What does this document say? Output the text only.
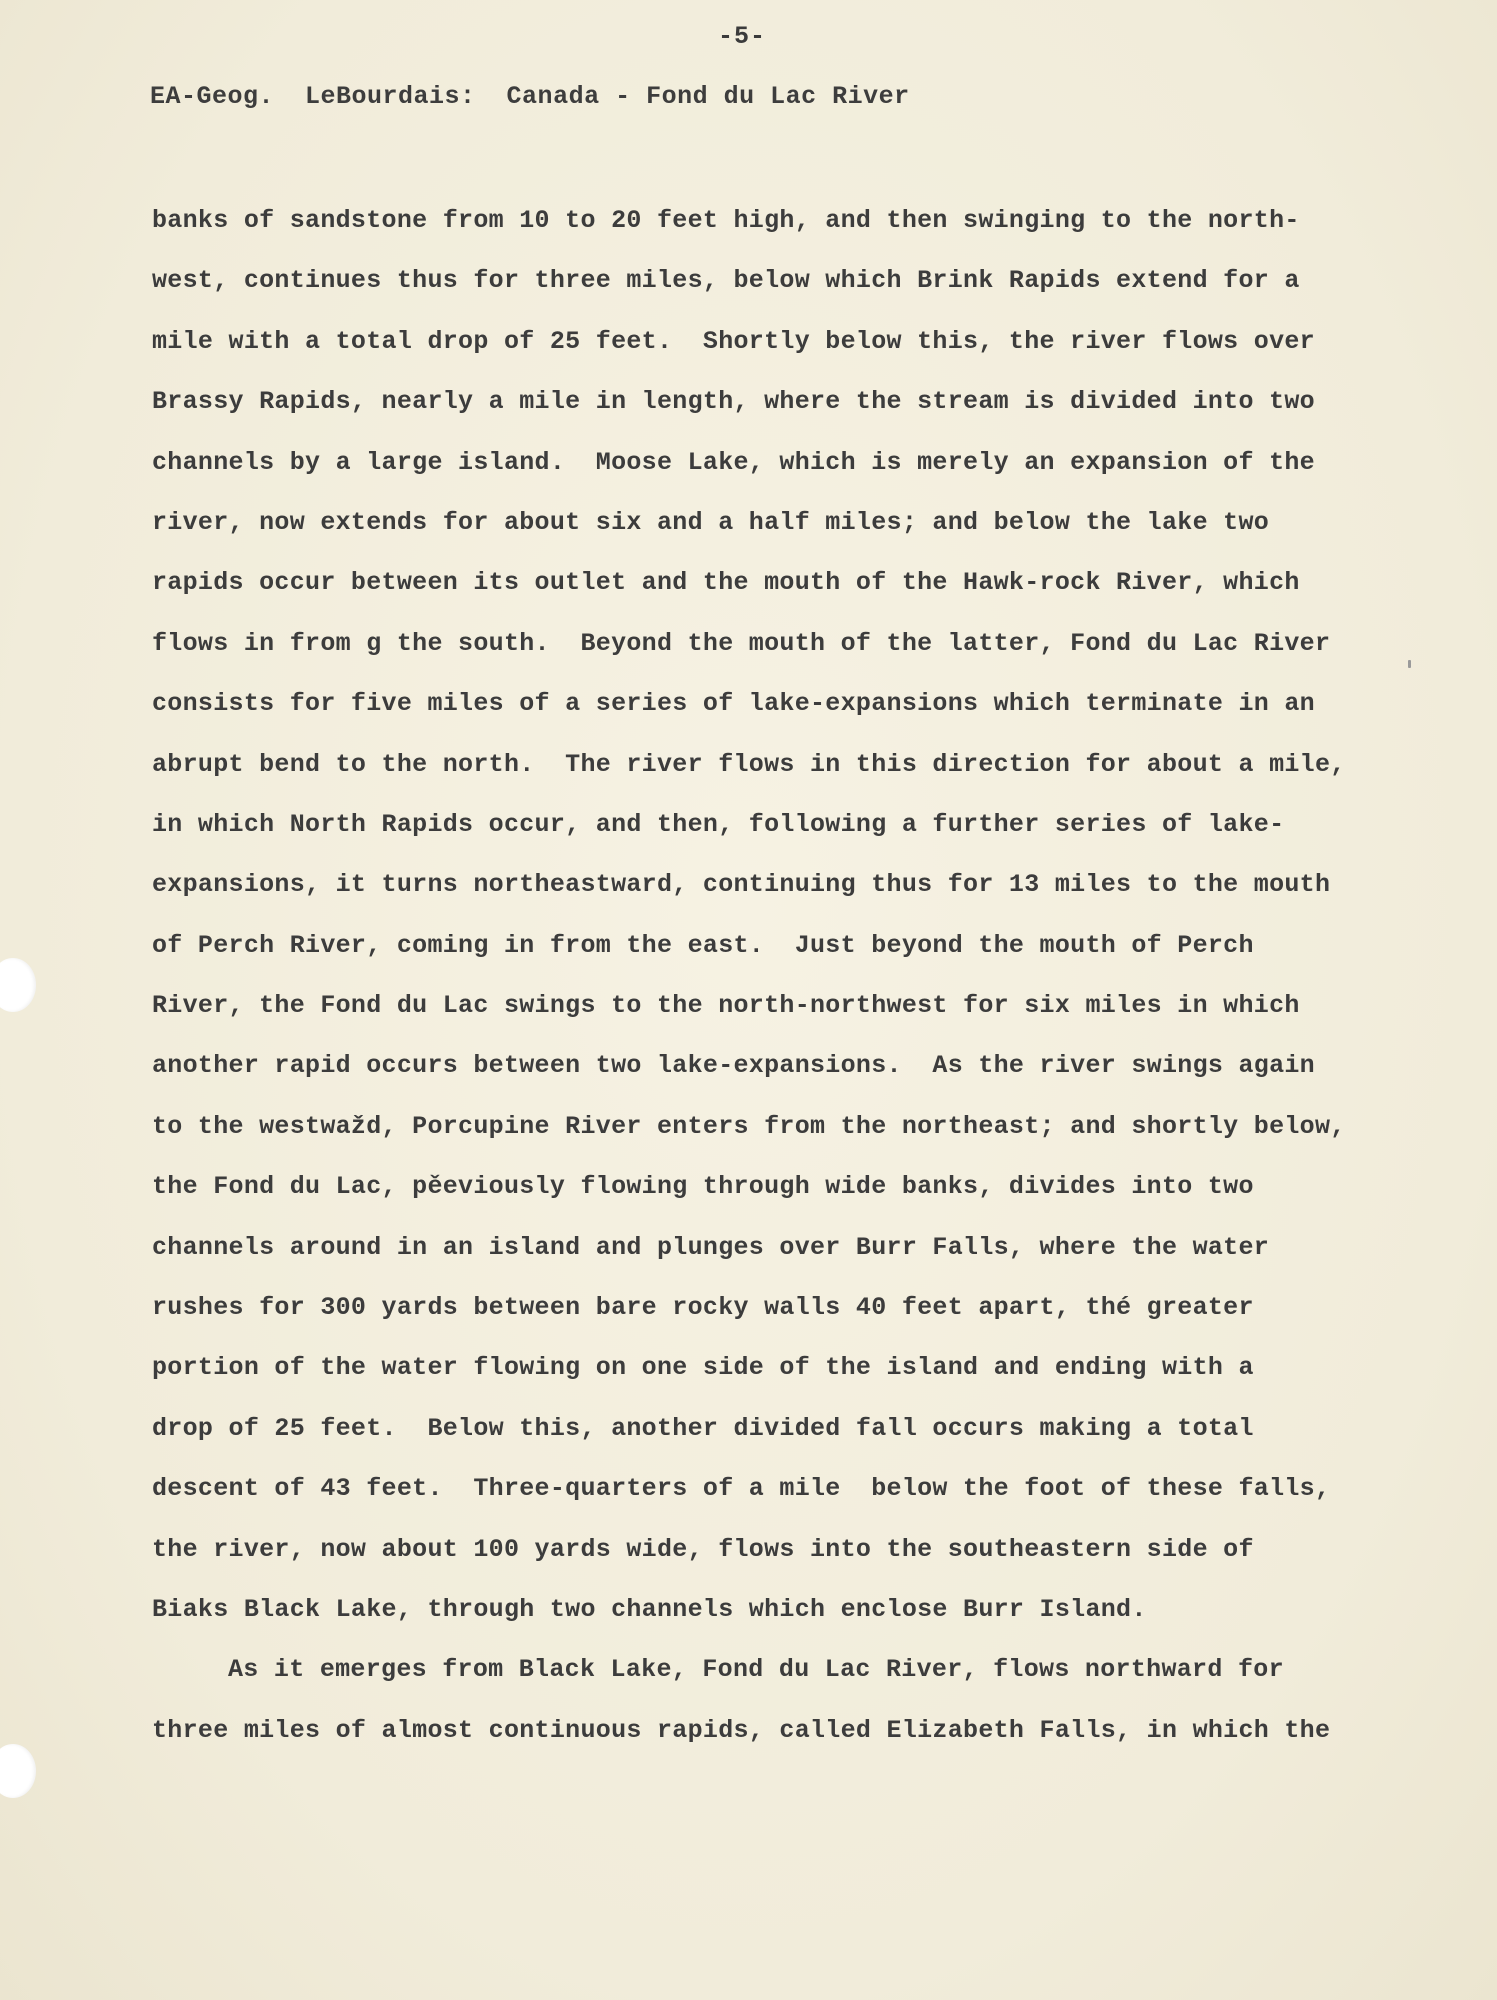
-5-
EA-Geog.  LeBourdais:  Canada - Fond du Lac River
banks of sandstone from 10 to 20 feet high, and then swinging to the north-
west, continues thus for three miles, below which Brink Rapids extend for a
mile with a total drop of 25 feet.  Shortly below this, the river flows over
Brassy Rapids, nearly a mile in length, where the stream is divided into two
channels by a large island.  Moose Lake, which is merely an expansion of the
river, now extends for about six and a half miles; and below the lake two
rapids occur between its outlet and the mouth of the Hawk-rock River, which
flows in from g the south.  Beyond the mouth of the latter, Fond du Lac River
consists for five miles of a series of lake-expansions which terminate in an
abrupt bend to the north.  The river flows in this direction for about a mile,
in which North Rapids occur, and then, following a further series of lake-
expansions, it turns northeastward, continuing thus for 13 miles to the mouth
of Perch River, coming in from the east.  Just beyond the mouth of Perch
River, the Fond du Lac swings to the north-northwest for six miles in which
another rapid occurs between two lake-expansions.  As the river swings again
to the westwažd, Porcupine River enters from the northeast; and shortly below,
the Fond du Lac, pěeviously flowing through wide banks, divides into two
channels around in an island and plunges over Burr Falls, where the water
rushes for 300 yards between bare rocky walls 40 feet apart, thé greater
portion of the water flowing on one side of the island and ending with a
drop of 25 feet.  Below this, another divided fall occurs making a total
descent of 43 feet.  Three-quarters of a mile  below the foot of these falls,
the river, now about 100 yards wide, flows into the southeastern side of
Biaks Black Lake, through two channels which enclose Burr Island.
As it emerges from Black Lake, Fond du Lac River, flows northward for
three miles of almost continuous rapids, called Elizabeth Falls, in which the
